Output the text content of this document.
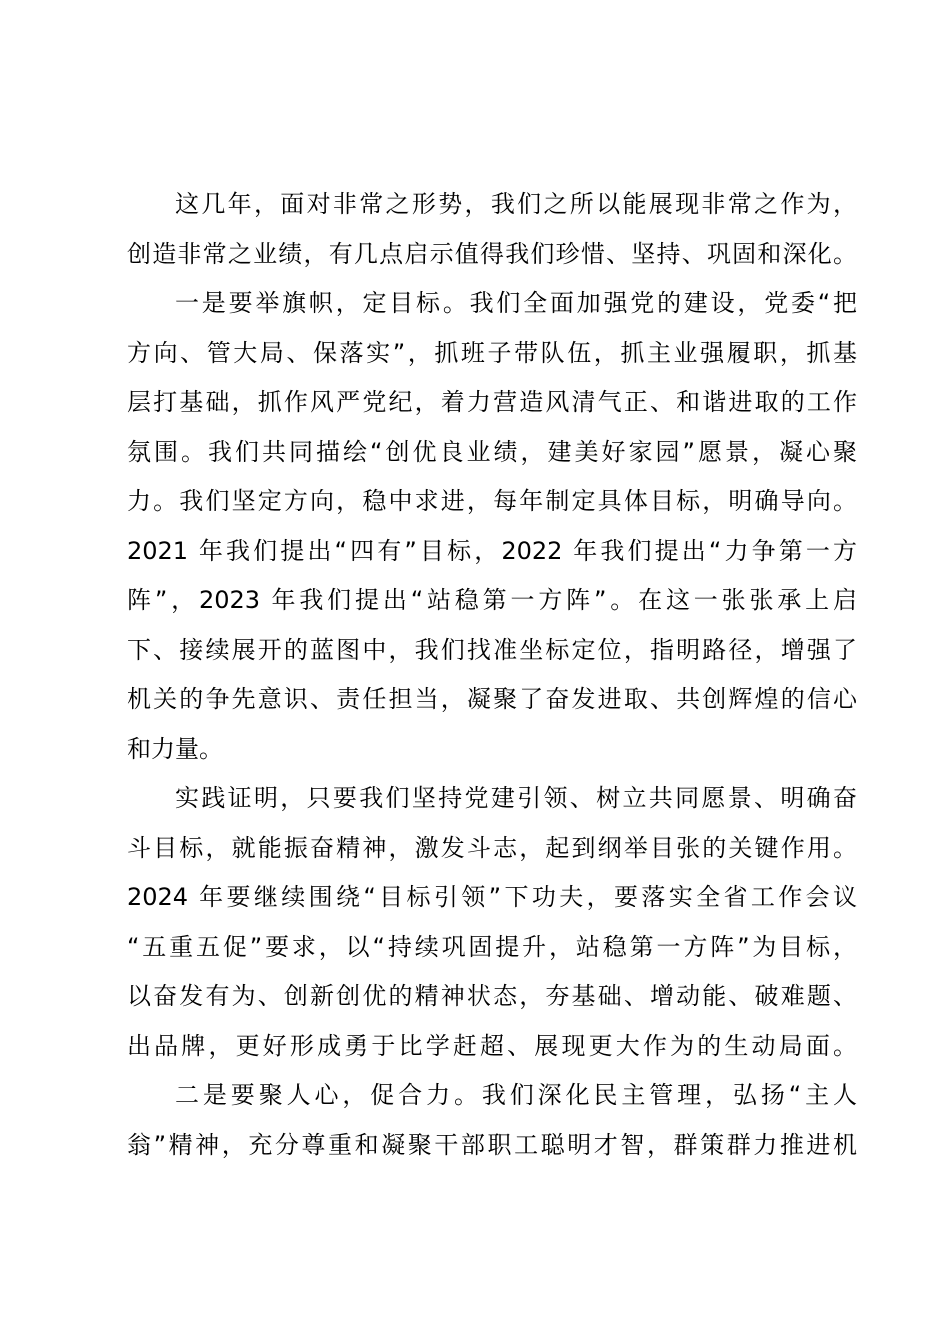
这几年，面对非常之形势，我们之所以能展现非常之作为，
创造非常之业绩，有几点启示值得我们珍惜、坚持、巩固和深化。
一是要举旗帜，定目标。我们全面加强党的建设，党委“把
方向、管大局、保落实”，抓班子带队伍，抓主业强履职，抓基
层打基础，抓作风严党纪，着力营造风清气正、和谐进取的工作
氛围。我们共同描绘“创优良业绩，建美好家园”愿景，凝心聚
力。我们坚定方向，稳中求进，每年制定具体目标，明确导向。
2021 年我们提出“四有”目标，2022 年我们提出“力争第一方
阵”，2023 年我们提出“站稳第一方阵”。在这一张张承上启
下、接续展开的蓝图中，我们找准坐标定位，指明路径，增强了
机关的争先意识、责任担当，凝聚了奋发进取、共创辉煌的信心
和力量。
实践证明，只要我们坚持党建引领、树立共同愿景、明确奋
斗目标，就能振奋精神，激发斗志，起到纲举目张的关键作用。
2024 年要继续围绕“目标引领”下功夫，要落实全省工作会议
“五重五促”要求，以“持续巩固提升，站稳第一方阵”为目标，
以奋发有为、创新创优的精神状态，夯基础、增动能、破难题、
出品牌，更好形成勇于比学赶超、展现更大作为的生动局面。
二是要聚人心，促合力。我们深化民主管理，弘扬“主人
翁”精神，充分尊重和凝聚干部职工聪明才智，群策群力推进机
